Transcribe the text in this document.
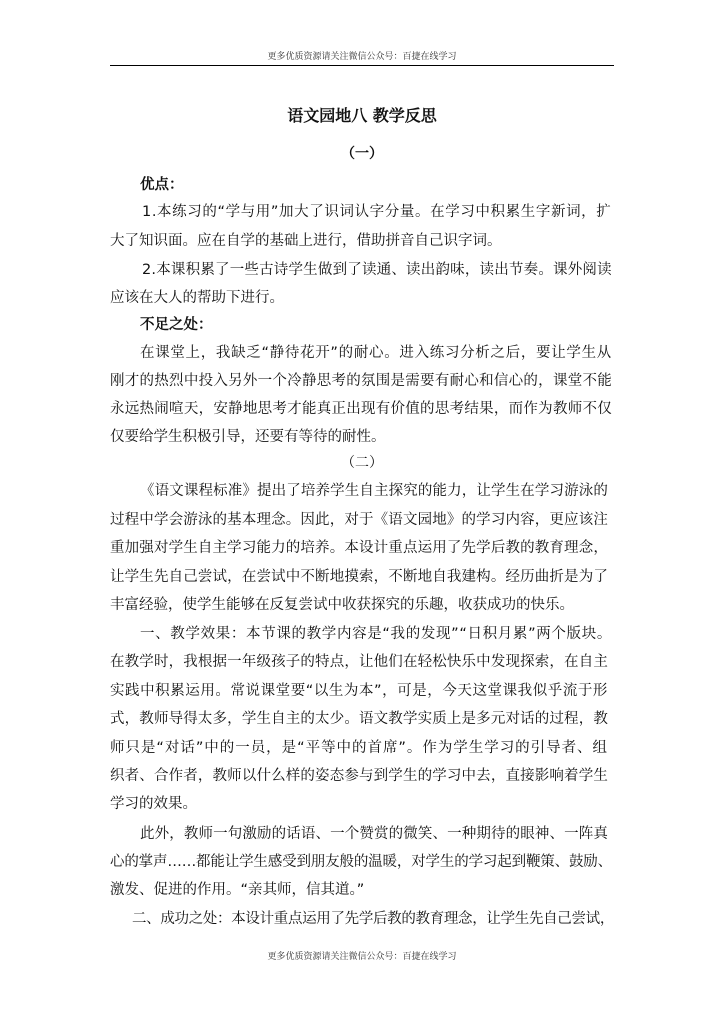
更多优质资源请关注微信公众号：百捷在线学习
语文园地八 教学反思
（一）
优点：
1.本练习的“学与用”加大了识词认字分量。在学习中积累生字新词，扩
大了知识面。应在自学的基础上进行，借助拼音自己识字词。
2.本课积累了一些古诗学生做到了读通、读出韵味，读出节奏。课外阅读
应该在大人的帮助下进行。
不足之处：
在课堂上，我缺乏“静待花开”的耐心。进入练习分析之后，要让学生从
刚才的热烈中投入另外一个冷静思考的氛围是需要有耐心和信心的，课堂不能
永远热闹喧天，安静地思考才能真正出现有价值的思考结果，而作为教师不仅
仅要给学生积极引导，还要有等待的耐性。
（二）
《语文课程标准》提出了培养学生自主探究的能力，让学生在学习游泳的
过程中学会游泳的基本理念。因此，对于《语文园地》的学习内容，更应该注
重加强对学生自主学习能力的培养。本设计重点运用了先学后教的教育理念，
让学生先自己尝试，在尝试中不断地摸索，不断地自我建构。经历曲折是为了
丰富经验，使学生能够在反复尝试中收获探究的乐趣，收获成功的快乐。
一、教学效果：本节课的教学内容是“我的发现”“日积月累”两个版块。
在教学时，我根据一年级孩子的特点，让他们在轻松快乐中发现探索，在自主
实践中积累运用。常说课堂要“以生为本”，可是，今天这堂课我似乎流于形
式，教师导得太多，学生自主的太少。语文教学实质上是多元对话的过程，教
师只是“对话”中的一员，是“平等中的首席”。作为学生学习的引导者、组
织者、合作者，教师以什么样的姿态参与到学生的学习中去，直接影响着学生
学习的效果。
此外，教师一句激励的话语、一个赞赏的微笑、一种期待的眼神、一阵真
心的掌声……都能让学生感受到朋友般的温暖，对学生的学习起到鞭策、鼓励、
激发、促进的作用。“亲其师，信其道。”
二、成功之处：本设计重点运用了先学后教的教育理念，让学生先自己尝试，
更多优质资源请关注微信公众号：百捷在线学习
